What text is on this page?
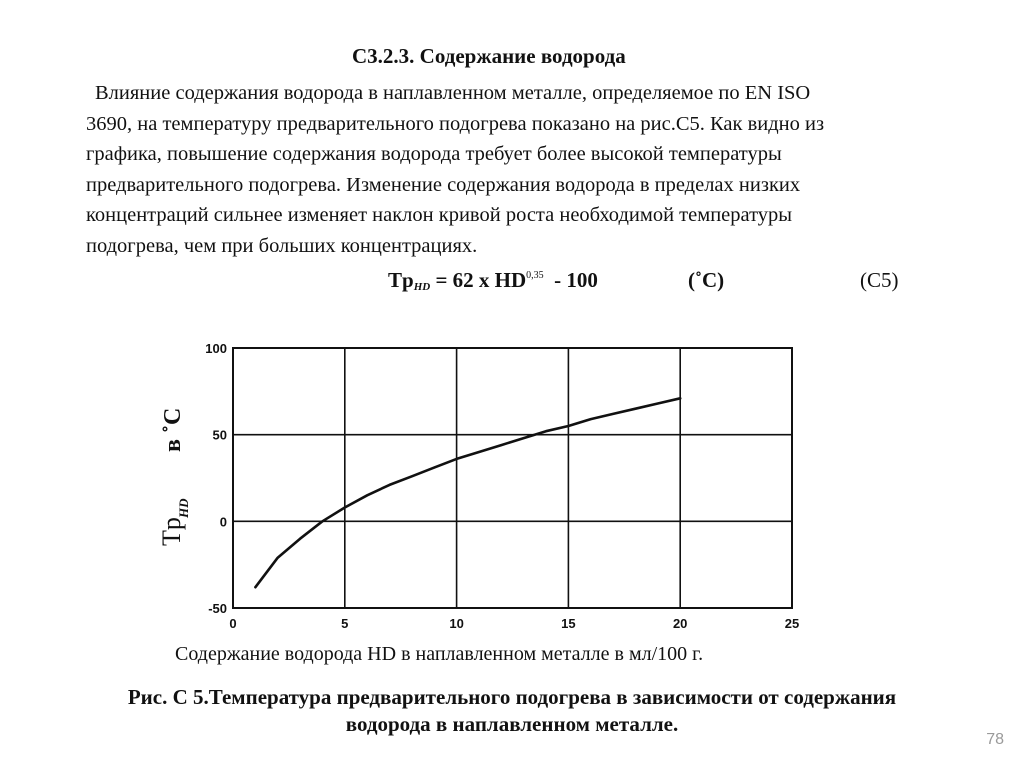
С3.2.3. Содержание водорода
Влияние содержания водорода в наплавленном металле, определяемое по EN ISO
3690, на температуру предварительного подогрева показано на рис.С5. Как видно из
графика, повышение содержания водорода требует более высокой температуры
предварительного подогрева. Изменение содержания водорода в пределах низких
концентраций сильнее изменяет наклон кривой роста необходимой температуры
подогрева, чем при больших концентрациях.
$Tp_{HD} = 62$ x HD$^{0,35}$  - 100	(˚C)	(C5)
0	5	10	15	20	25
-50
0
50
100
Tp
HD
в ˚C
Содержание водорода HD в наплавленном металле в мл/100 г.
Рис. С 5.Температура предварительного подогрева в зависимости от содержания
водорода в наплавленном металле.
78
